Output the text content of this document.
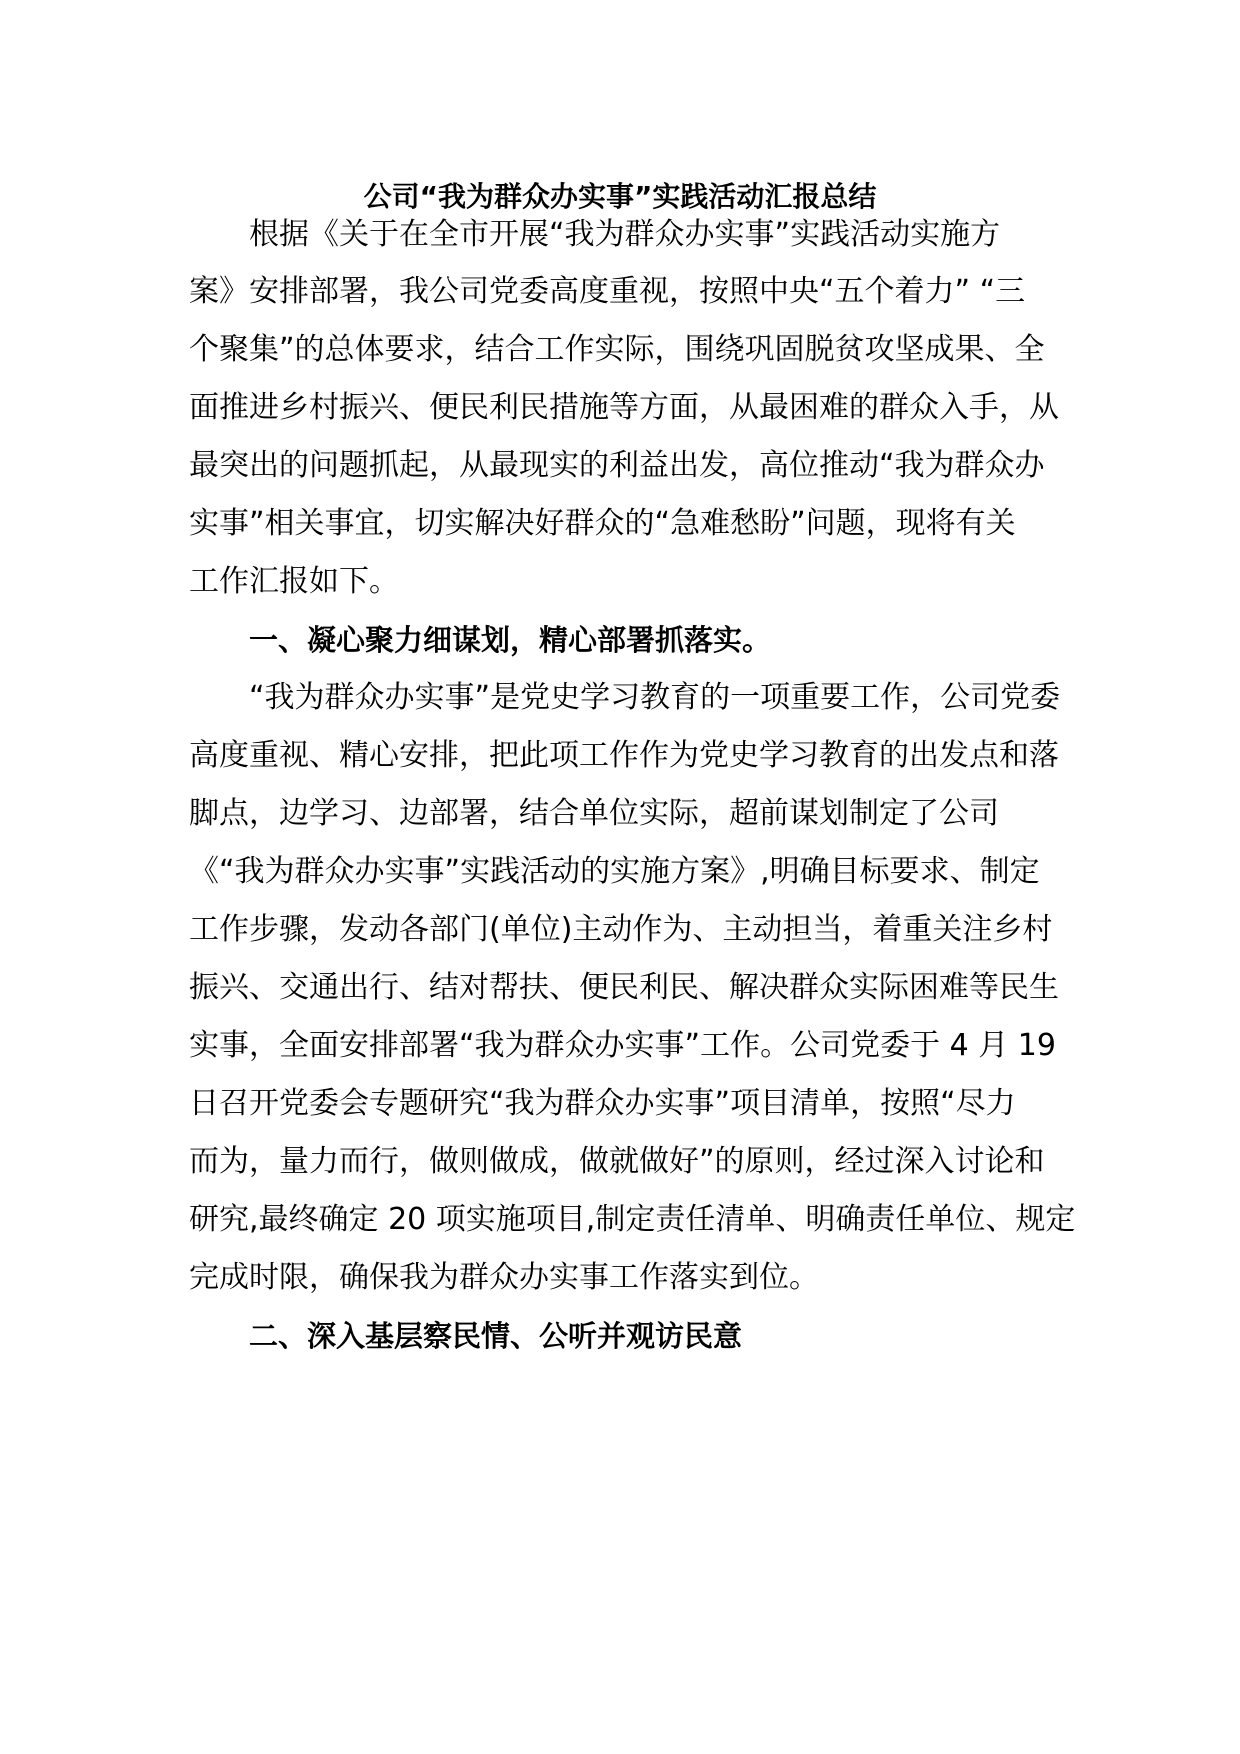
公司“我为群众办实事”实践活动汇报总结

根据《关于在全市开展“我为群众办实事”实践活动实施方

案》安排部署，我公司党委高度重视，按照中央“五个着力” “三

个聚集”的总体要求，结合工作实际，围绕巩固脱贫攻坚成果、全

面推进乡村振兴、便民利民措施等方面，从最困难的群众入手，从

最突出的问题抓起，从最现实的利益出发，高位推动“我为群众办

实事”相关事宜，切实解决好群众的“急难愁盼”问题，现将有关

工作汇报如下。

一、凝心聚力细谋划，精心部署抓落实。

“我为群众办实事”是党史学习教育的一项重要工作，公司党委

高度重视、精心安排，把此项工作作为党史学习教育的出发点和落

脚点，边学习、边部署，结合单位实际，超前谋划制定了公司

《“我为群众办实事”实践活动的实施方案》,明确目标要求、制定

工作步骤，发动各部门(单位)主动作为、主动担当，着重关注乡村

振兴、交通出行、结对帮扶、便民利民、解决群众实际困难等民生

实事，全面安排部署“我为群众办实事”工作。公司党委于 4 月 19

日召开党委会专题研究“我为群众办实事”项目清单，按照“尽力

而为，量力而行，做则做成，做就做好”的原则，经过深入讨论和

研究,最终确定 20 项实施项目,制定责任清单、明确责任单位、规定

完成时限，确保我为群众办实事工作落实到位。

二、深入基层察民情、公听并观访民意
